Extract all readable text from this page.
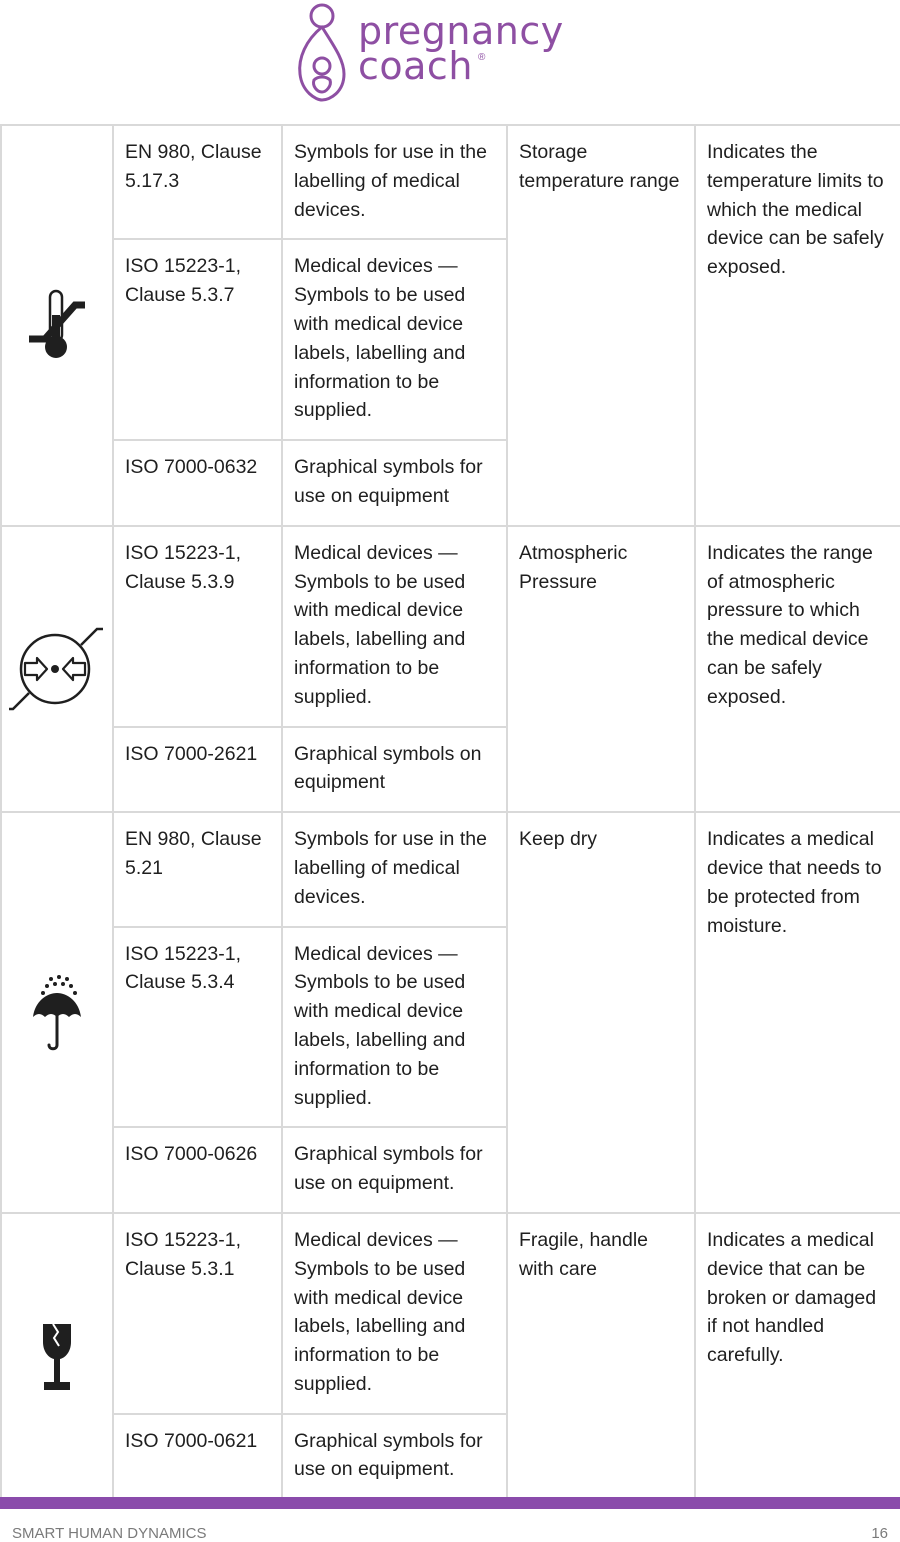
pregnancy
coach ®
	EN 980, Clause 5.17.3	Symbols for use in the labelling of medical devices.	Storage temperature range	Indicates the temperature limits to which the medical device can be safely exposed.
	ISO 15223-1, Clause 5.3.7	Medical devices — Symbols to be used with medical device labels, labelling and information to be supplied.		
	ISO 7000-0632	Graphical symbols for use on equipment		

	ISO 15223-1, Clause 5.3.9	Medical devices — Symbols to be used with medical device labels, labelling and information to be supplied.	Atmospheric Pressure	Indicates the range of atmospheric pressure to which the medical device can be safely exposed.
	ISO 7000-2621	Graphical symbols on equipment		

	EN 980, Clause 5.21	Symbols for use in the labelling of medical devices.	Keep dry	Indicates a medical device that needs to be protected from moisture.
	ISO 15223-1, Clause 5.3.4	Medical devices — Symbols to be used with medical device labels, labelling and information to be supplied.		
	ISO 7000-0626	Graphical symbols for use on equipment.		

	ISO 15223-1, Clause 5.3.1	Medical devices — Symbols to be used with medical device labels, labelling and information to be supplied.	Fragile, handle with care	Indicates a medical device that can be broken or damaged if not handled carefully.
	ISO 7000-0621	Graphical symbols for use on equipment.		
SMART HUMAN DYNAMICS	16
